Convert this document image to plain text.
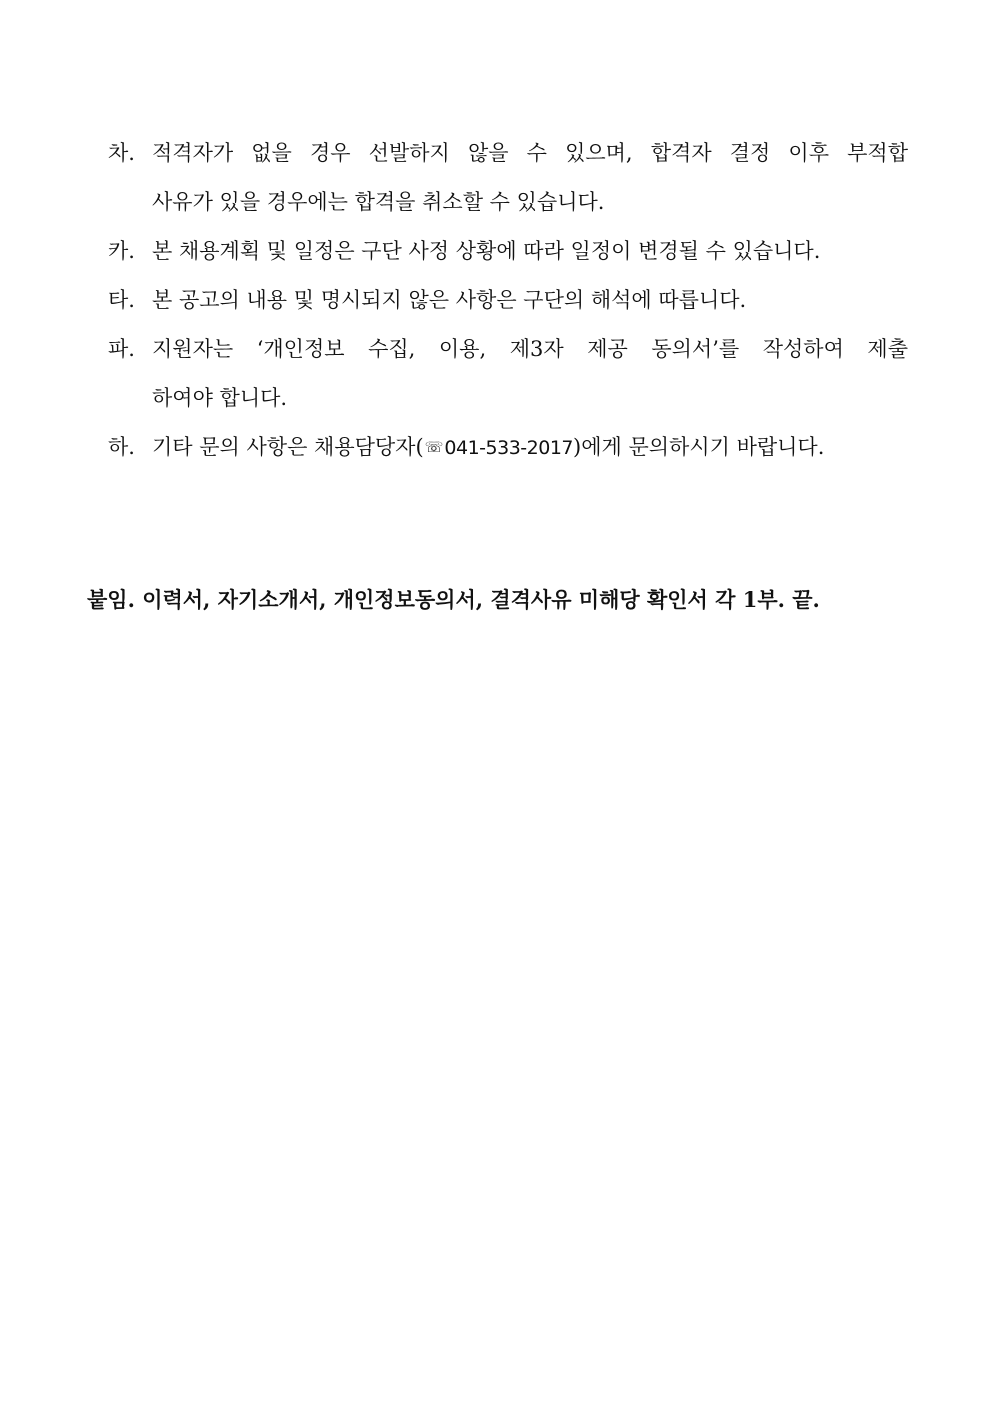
차. 적격자가 없을 경우 선발하지 않을 수 있으며, 합격자 결정 이후 부적합
사유가 있을 경우에는 합격을 취소할 수 있습니다.
카. 본 채용계획 및 일정은 구단 사정 상황에 따라 일정이 변경될 수 있습니다.
타. 본 공고의 내용 및 명시되지 않은 사항은 구단의 해석에 따릅니다.
파. 지원자는 ‘개인정보 수집, 이용, 제3자 제공 동의서’를 작성하여 제출
하여야 합니다.
하. 기타 문의 사항은 채용담당자(☏041-533-2017)에게 문의하시기 바랍니다.
붙임. 이력서, 자기소개서, 개인정보동의서, 결격사유 미해당 확인서 각 1부. 끝.
